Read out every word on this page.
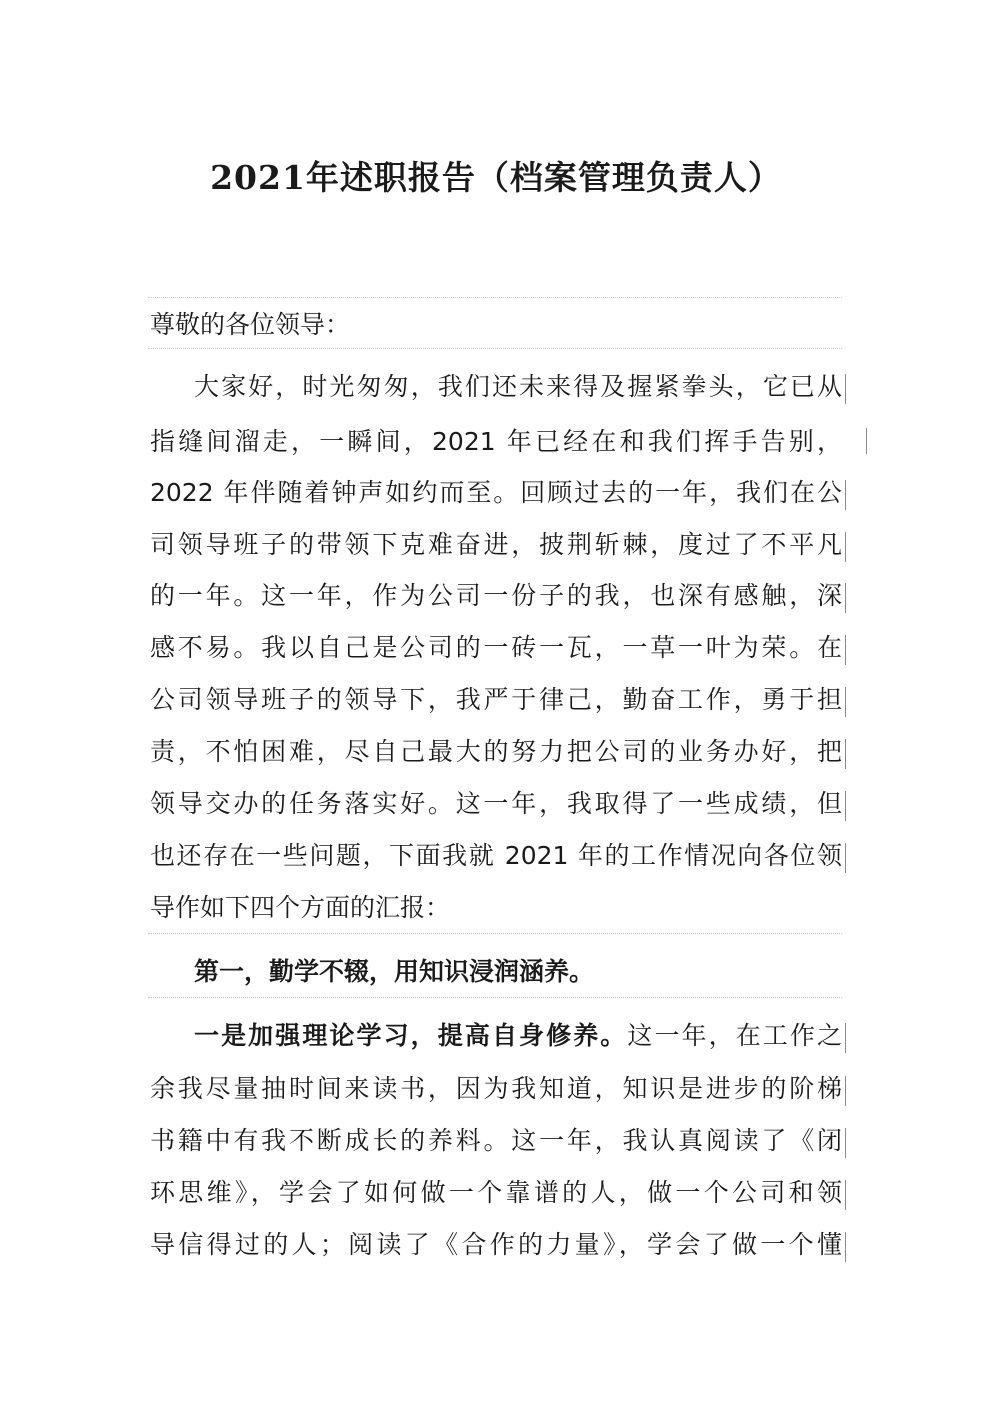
2021年述职报告（档案管理负责人）
尊敬的各位领导：
大家好，时光匆匆，我们还未来得及握紧拳头，它已从
指缝间溜走，一瞬间，2021 年已经在和我们挥手告别，
2022 年伴随着钟声如约而至。回顾过去的一年，我们在公
司领导班子的带领下克难奋进，披荆斩棘，度过了不平凡
的一年。这一年，作为公司一份子的我，也深有感触，深
感不易。我以自己是公司的一砖一瓦，一草一叶为荣。在
公司领导班子的领导下，我严于律己，勤奋工作，勇于担
责，不怕困难，尽自己最大的努力把公司的业务办好，把
领导交办的任务落实好。这一年，我取得了一些成绩，但
也还存在一些问题，下面我就 2021 年的工作情况向各位领
导作如下四个方面的汇报：
第一，勤学不辍，用知识浸润涵养。
一是加强理论学习，提高自身修养。这一年，在工作之
余我尽量抽时间来读书，因为我知道，知识是进步的阶梯
书籍中有我不断成长的养料。这一年，我认真阅读了《闭
环思维》，学会了如何做一个靠谱的人，做一个公司和领
导信得过的人；阅读了《合作的力量》，学会了做一个懂
